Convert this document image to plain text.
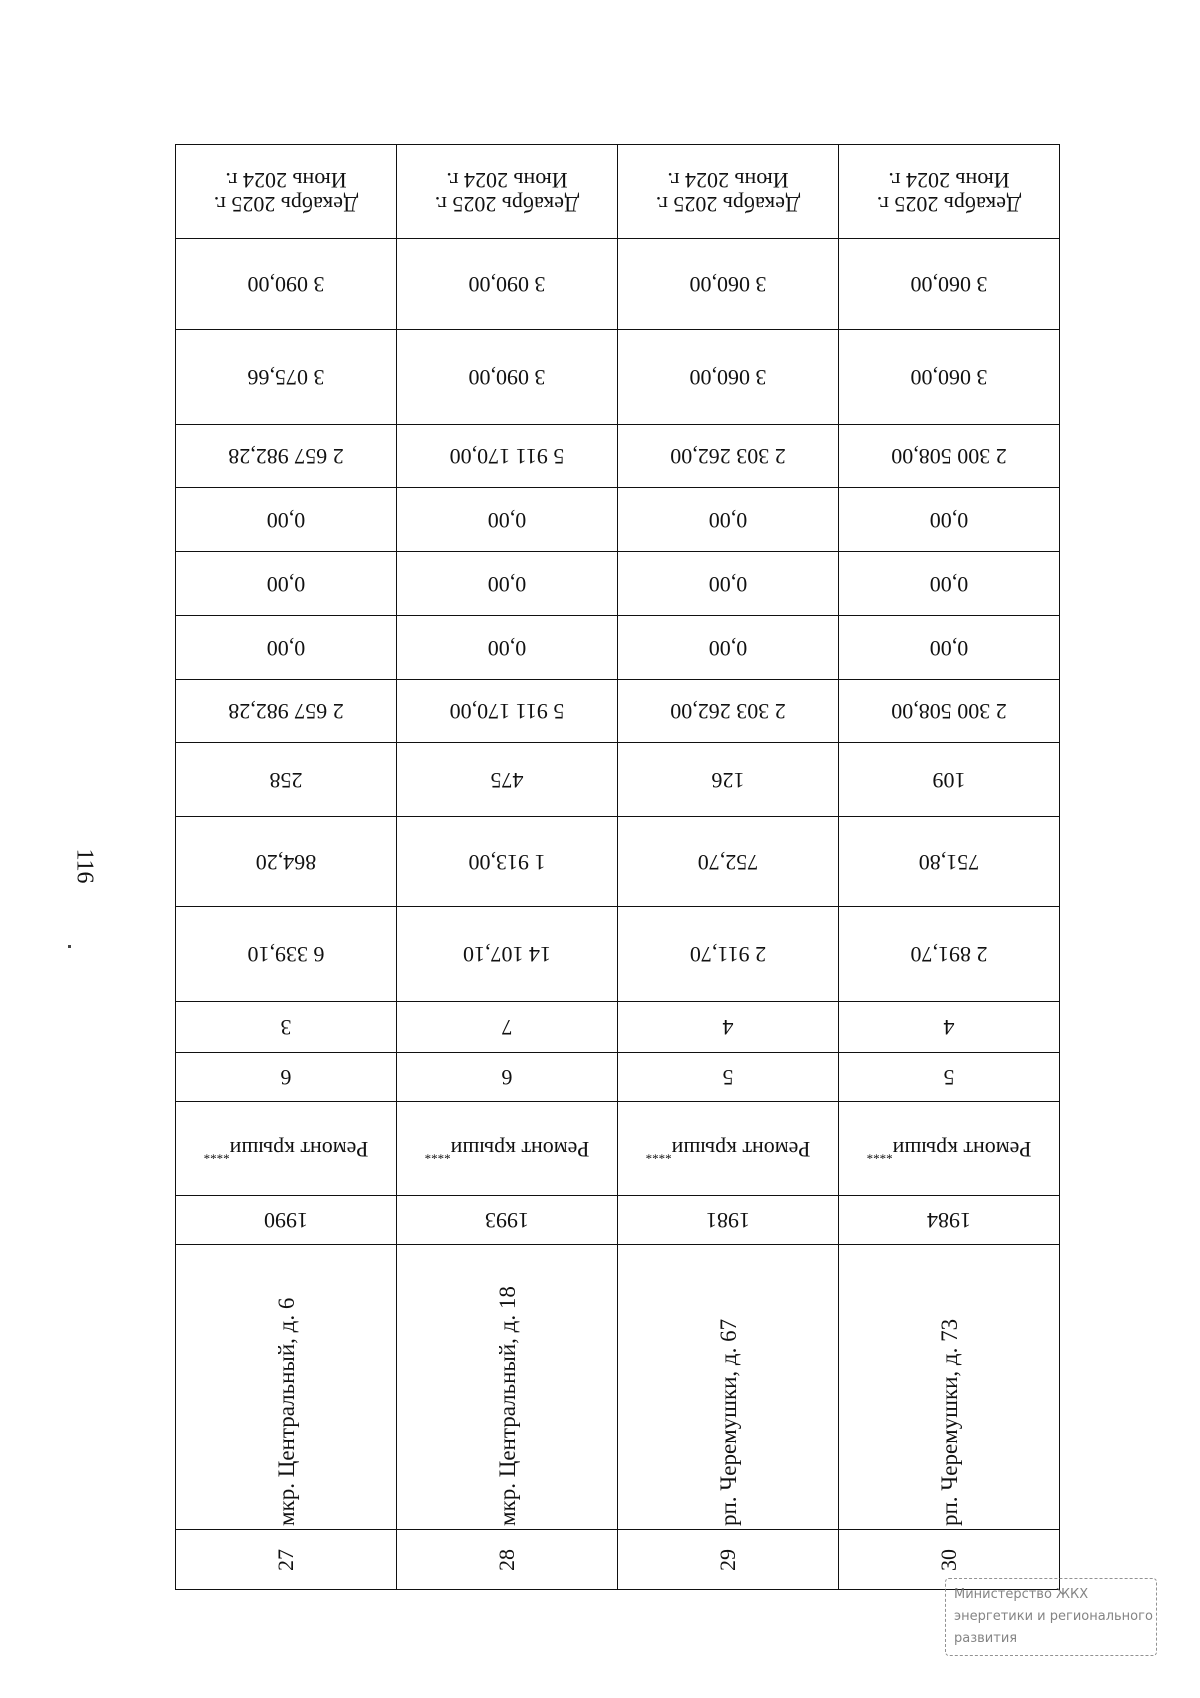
116
Декабрь 2025 г.
Июнь 2024 г.
3 090,00
3 075,66
2 657 982,28
0,00
0,00
0,00
2 657 982,28
258
864,20
6 339,10
3
6
Ремонт крыши****
1990
мкр. Центральный, д. 6
27
Декабрь 2025 г.
Июнь 2024 г.
3 090,00
3 090,00
5 911 170,00
0,00
0,00
0,00
5 911 170,00
475
1 913,00
14 107,10
7
6
Ремонт крыши****
1993
мкр. Центральный, д. 18
28
Декабрь 2025 г.
Июнь 2024 г.
3 060,00
3 060,00
2 303 262,00
0,00
0,00
0,00
2 303 262,00
126
752,70
2 911,70
4
5
Ремонт крыши****
1981
рп. Черемушки, д. 67
29
Декабрь 2025 г.
Июнь 2024 г.
3 060,00
3 060,00
2 300 508,00
0,00
0,00
0,00
2 300 508,00
109
751,80
2 891,70
4
5
Ремонт крыши****
1984
рп. Черемушки, д. 73
30
Министерство ЖКХ
энергетики и регионального
развития
